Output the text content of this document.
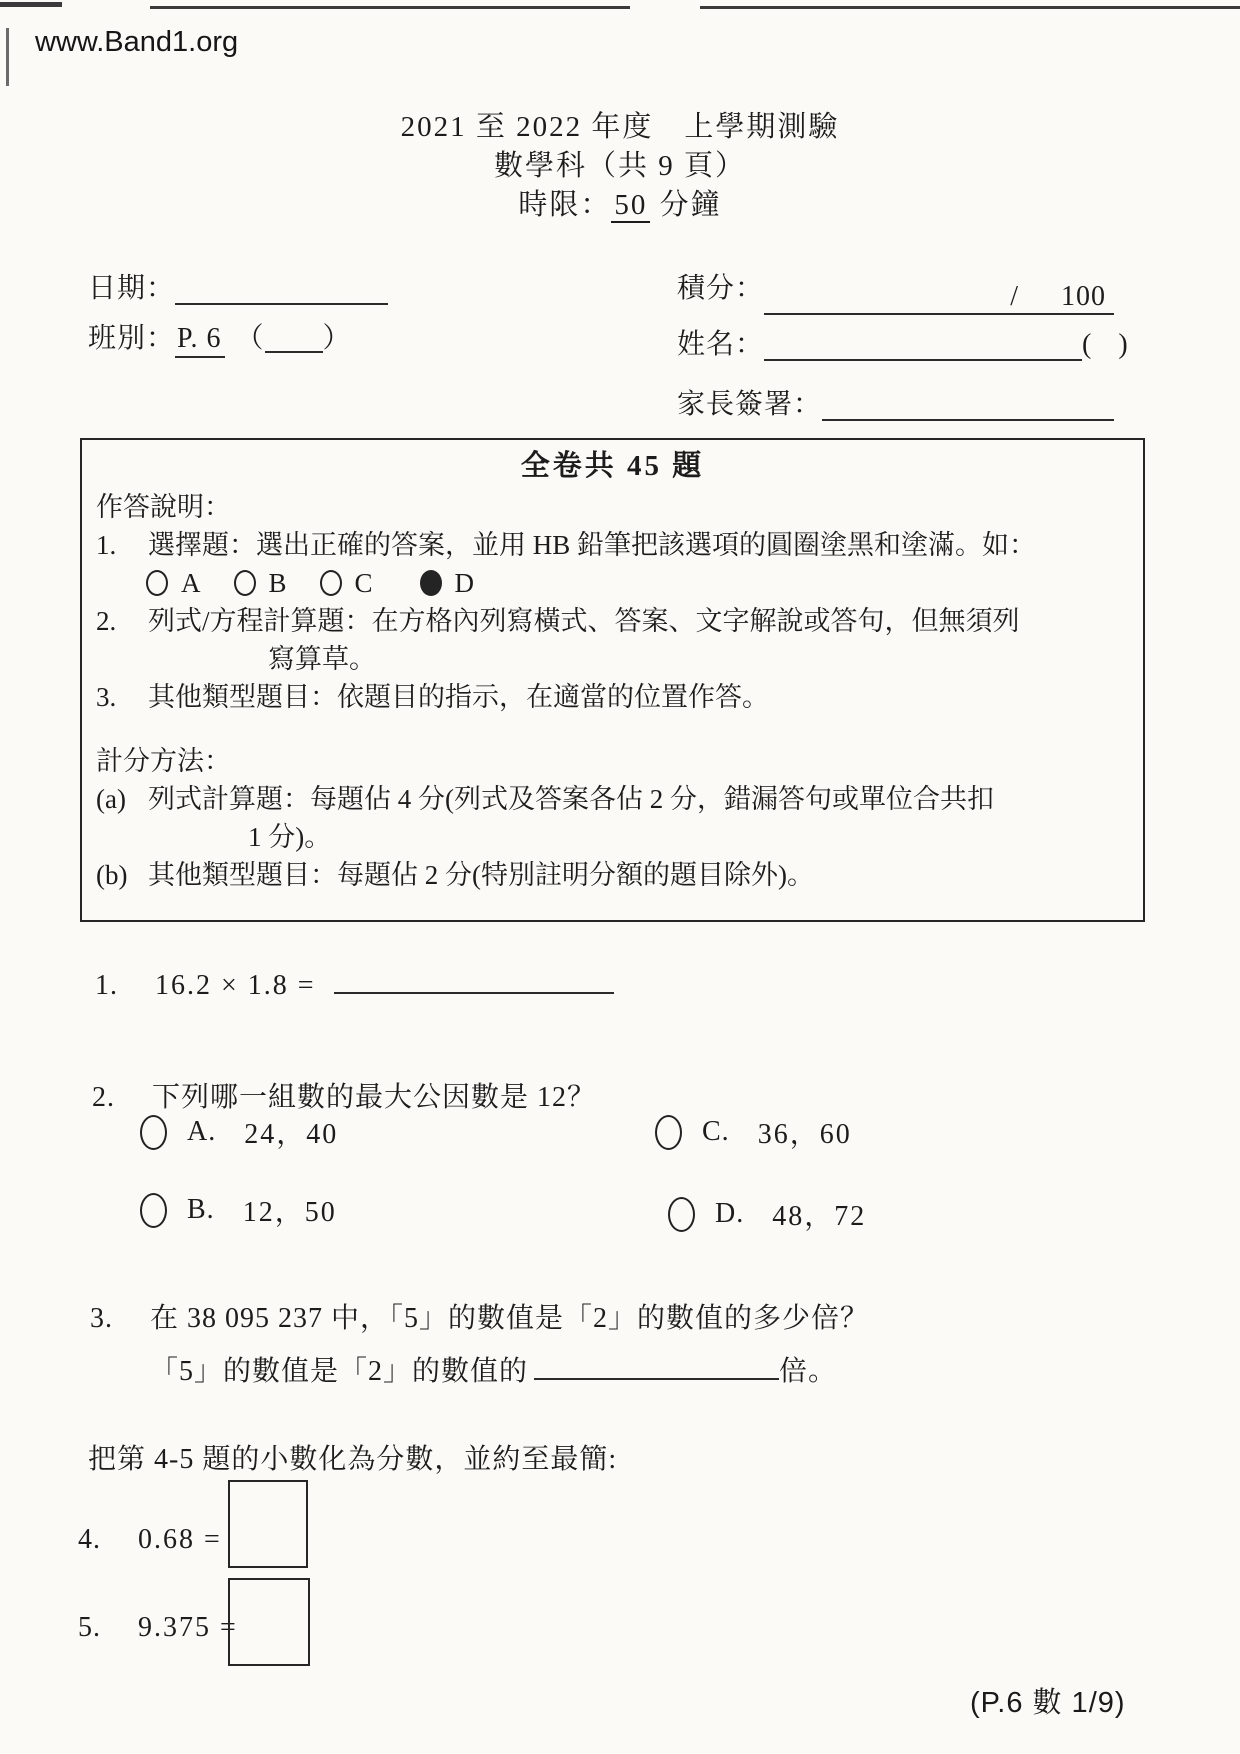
www.Band1.org
2021 至 2022 年度　上學期測驗
數學科（共 9 頁）
時限： 50 分鐘
日期：	積分：	/ 100
班別：P. 6 （ ）	姓名：	( )
家長簽署：
全卷共 45 題
作答說明：
1.	選擇題：選出正確的答案，並用 HB 鉛筆把該選項的圓圈塗黑和塗滿。如：
A	B	C	D
2.	列式/方程計算題：在方格內列寫橫式、答案、文字解說或答句，但無須列
寫算草。
3.	其他類型題目：依題目的指示，在適當的位置作答。
計分方法：
(a) 列式計算題：每題佔 4 分(列式及答案各佔 2 分，錯漏答句或單位合共扣
1 分)。
(b) 其他類型題目：每題佔 2 分(特別註明分額的題目除外)。
1.	16.2 × 1.8 =
2.	下列哪一組數的最大公因數是 12？
A. 24，40	C. 36，60
B. 12，50	D. 48，72
3.	在 38 095 237 中，「5」的數值是「2」的數值的多少倍？
「5」的數值是「2」的數值的	倍。
把第 4-5 題的小數化為分數，並約至最簡:
4.	0.68 =
5.	9.375 =
(P.6 數 1/9)
